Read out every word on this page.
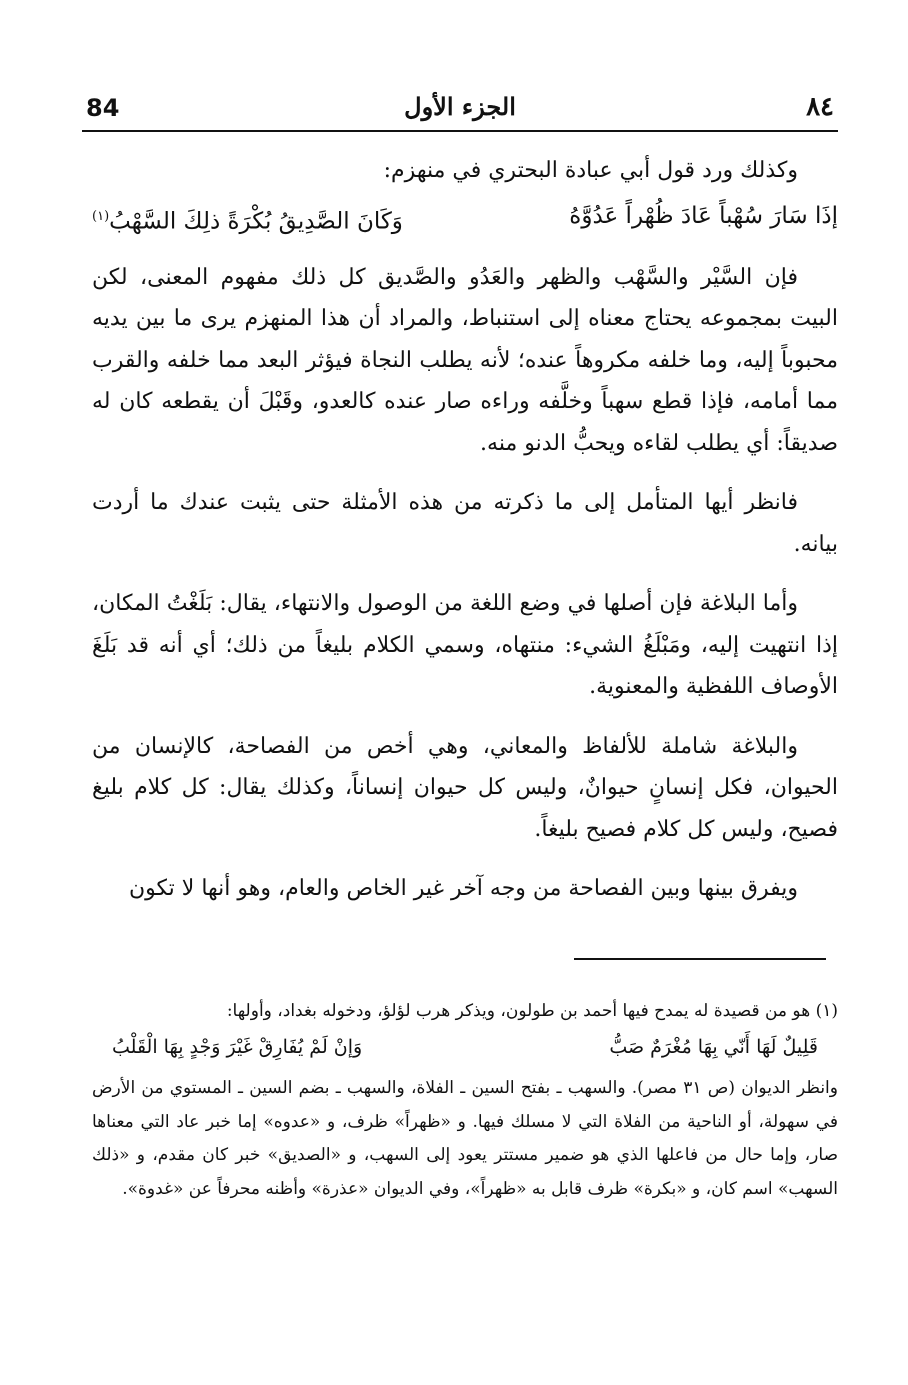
٨٤
الجزء الأول
84

وكذلك ورد قول أبي عبادة البحتري في منهزم:

إذَا سَارَ سُهْباً عَادَ ظُهْراً عَدُوَّهُ
وَكَانَ الصَّدِيقُ بُكْرَةً ذلِكَ السَّهْبُ$^{(١)}$

فإن السَّيْر والسَّهْب والظهر والعَدُو والصَّديق كل ذلك مفهوم المعنى، لكن البيت بمجموعه يحتاج معناه إلى استنباط، والمراد أن هذا المنهزم يرى ما بين يديه محبوباً إليه، وما خلفه مكروهاً عنده؛ لأنه يطلب النجاة فيؤثر البعد مما خلفه والقرب مما أمامه، فإذا قطع سهباً وخلَّفه وراءه صار عنده كالعدو، وقَبْلَ أن يقطعه كان له صديقاً: أي يطلب لقاءه ويحبُّ الدنو منه.

فانظر أيها المتأمل إلى ما ذكرته من هذه الأمثلة حتى يثبت عندك ما أردت بيانه.

وأما البلاغة فإن أصلها في وضع اللغة من الوصول والانتهاء، يقال: بَلَغْتُ المكان، إذا انتهيت إليه، ومَبْلَغُ الشيء: منتهاه، وسمي الكلام بليغاً من ذلك؛ أي أنه قد بَلَغَ الأوصاف اللفظية والمعنوية.

والبلاغة شاملة للألفاظ والمعاني، وهي أخص من الفصاحة، كالإنسان من الحيوان، فكل إنسانٍ حيوانٌ، وليس كل حيوان إنساناً، وكذلك يقال: كل كلام بليغ فصيح، وليس كل كلام فصيح بليغاً.

ويفرق بينها وبين الفصاحة من وجه آخر غير الخاص والعام، وهو أنها لا تكون

(١) هو من قصيدة له يمدح فيها أحمد بن طولون، ويذكر هرب لؤلؤ، ودخوله بغداد، وأولها:

قَلِيلٌ لَهَا أَنّي بِهَا مُغْرَمٌ صَبُّ
وَإنْ لَمْ يُفَارِقْ غَيْرَ وَجْدٍ بِهَا الْقَلْبُ

وانظر الديوان (ص ٣١ مصر). والسهب ـ بفتح السين ـ الفلاة، والسهب ـ بضم السين ـ المستوي من الأرض في سهولة، أو الناحية من الفلاة التي لا مسلك فيها. و «ظهراً» ظرف، و «عدوه» إما خبر عاد التي معناها صار، وإما حال من فاعلها الذي هو ضمير مستتر يعود إلى السهب، و «الصديق» خبر كان مقدم، و «ذلك السهب» اسم كان، و «بكرة» ظرف قابل به «ظهراً»، وفي الديوان «عذرة» وأظنه محرفاً عن «غدوة».
